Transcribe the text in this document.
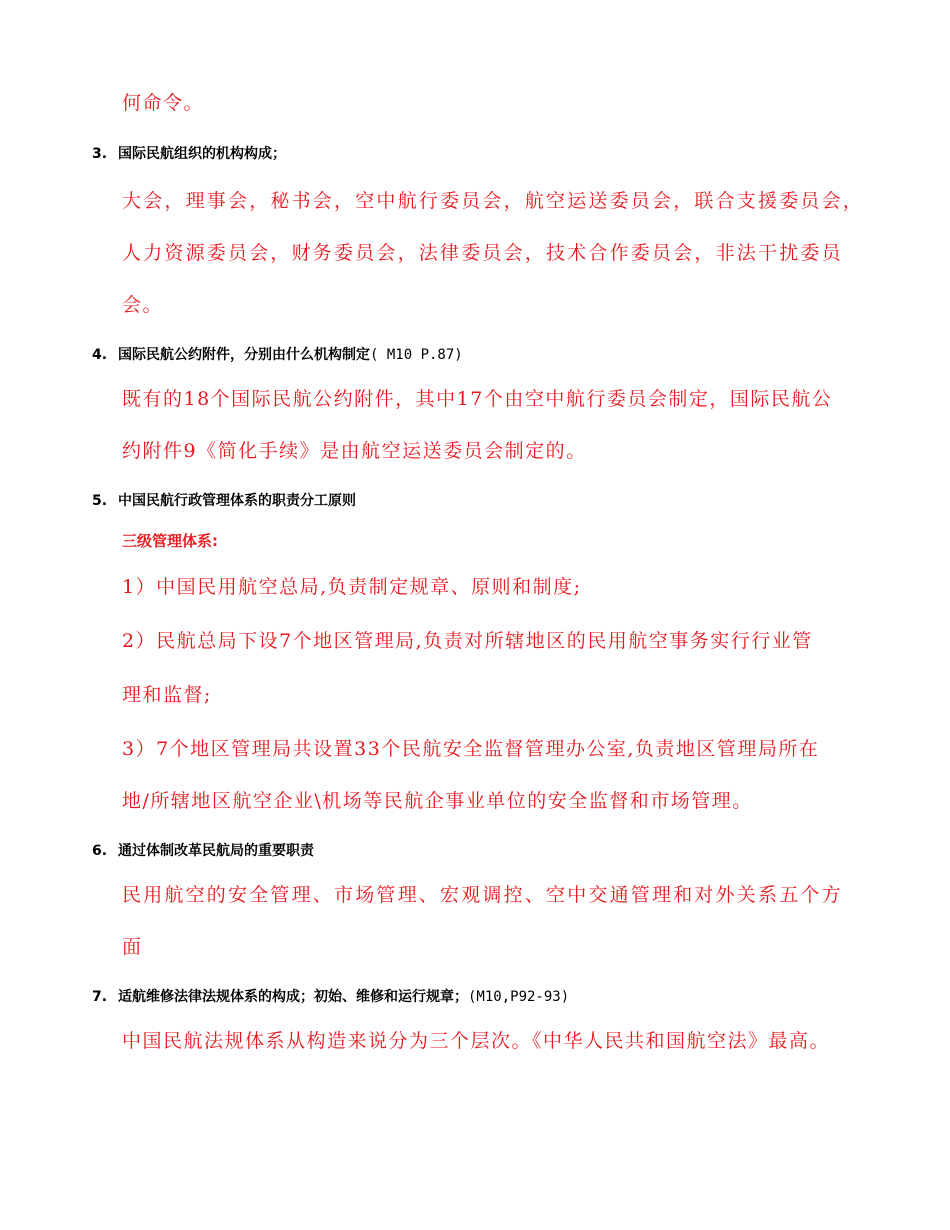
何命令。
3. 国际民航组织的机构构成；
大会，理事会，秘书会，空中航行委员会，航空运送委员会，联合支援委员会，
人力资源委员会，财务委员会，法律委员会，技术合作委员会，非法干扰委员
会。
4. 国际民航公约附件，分别由什么机构制定( M10 P.87)
既有的18个国际民航公约附件，其中17个由空中航行委员会制定，国际民航公
约附件9《简化手续》是由航空运送委员会制定的。
5. 中国民航行政管理体系的职责分工原则
三级管理体系:
1）中国民用航空总局,负责制定规章、原则和制度;
2）民航总局下设7个地区管理局,负责对所辖地区的民用航空事务实行行业管
理和监督;
3）7个地区管理局共设置33个民航安全监督管理办公室,负责地区管理局所在
地/所辖地区航空企业\机场等民航企事业单位的安全监督和市场管理。
6. 通过体制改革民航局的重要职责
民用航空的安全管理、市场管理、宏观调控、空中交通管理和对外关系五个方
面
7. 适航维修法律法规体系的构成；初始、维修和运行规章；(M10,P92-93)
中国民航法规体系从构造来说分为三个层次。《中华人民共和国航空法》最高。
